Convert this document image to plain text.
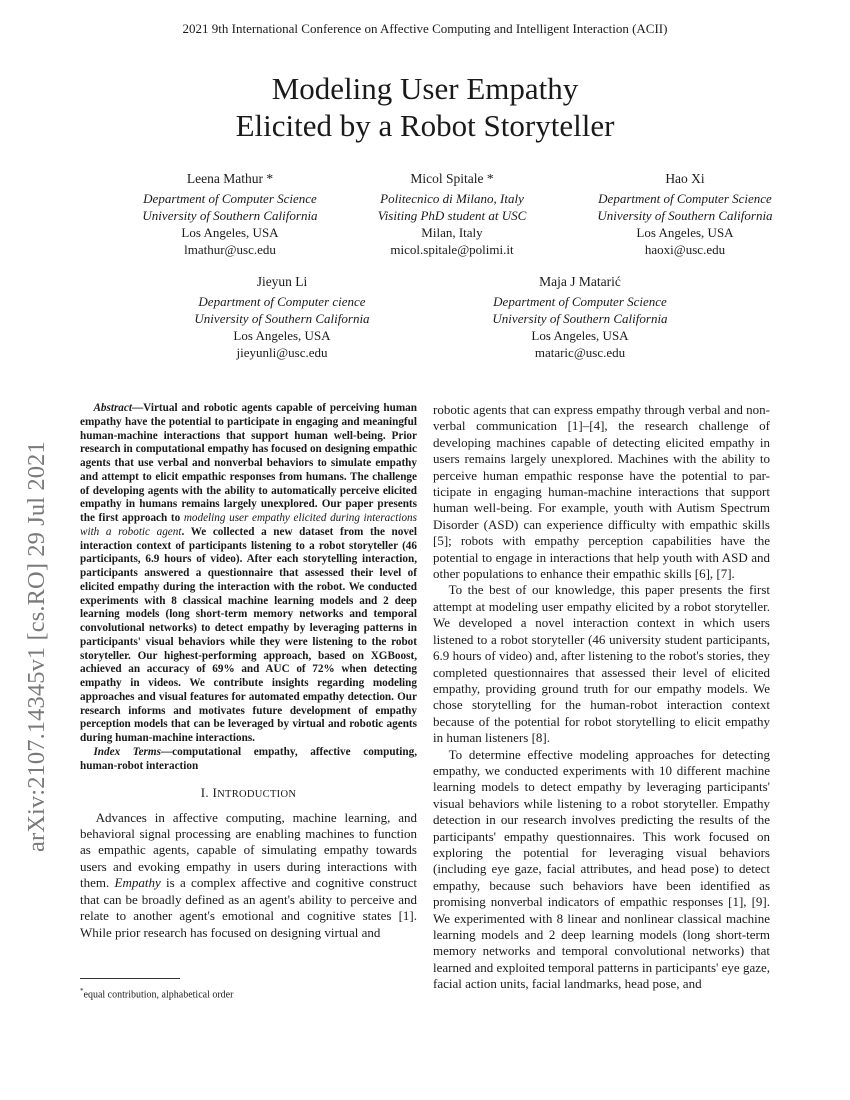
2021 9th International Conference on Affective Computing and Intelligent Interaction (ACII)
Modeling User Empathy
Elicited by a Robot Storyteller
Leena Mathur *
Department of Computer Science
University of Southern California
Los Angeles, USA
lmathur@usc.edu
Micol Spitale *
Politecnico di Milano, Italy
Visiting PhD student at USC
Milan, Italy
micol.spitale@polimi.it
Hao Xi
Department of Computer Science
University of Southern California
Los Angeles, USA
haoxi@usc.edu
Jieyun Li
Department of Computer cience
University of Southern California
Los Angeles, USA
jieyunli@usc.edu
Maja J Matarić
Department of Computer Science
University of Southern California
Los Angeles, USA
mataric@usc.edu
arXiv:2107.14345v1 [cs.RO] 29 Jul 2021

Abstract—Virtual and robotic agents capable of perceiving human empathy have the potential to participate in engaging and meaningful human-machine interactions that support human well-being. Prior research in computational empathy has focused on designing empathic agents that use verbal and nonverbal behaviors to simulate empathy and attempt to elicit empathic responses from humans. The challenge of developing agents with the ability to automatically perceive elicited empathy in humans remains largely unexplored. Our paper presents the first approach to modeling user empathy elicited during interactions with a robotic agent. We collected a new dataset from the novel interaction context of participants listening to a robot storyteller (46 participants, 6.9 hours of video). After each storytelling interaction, participants answered a questionnaire that assessed their level of elicited empathy during the interaction with the robot. We conducted experiments with 8 classical machine learning models and 2 deep learning models (long short-term memory networks and temporal convolutional networks) to detect empathy by leveraging patterns in participants' visual behaviors while they were listening to the robot storyteller. Our highest-performing approach, based on XGBoost, achieved an accuracy of 69% and AUC of 72% when detecting empathy in videos. We contribute insights regarding modeling approaches and visual features for automated empathy detection. Our research informs and motivates future development of empathy perception models that can be leveraged by virtual and robotic agents during human-machine interactions.

Index Terms—computational empathy, affective computing, human-robot interaction

I. INTRODUCTION

Advances in affective computing, machine learning, and behavioral signal processing are enabling machines to function as empathic agents, capable of simulating empathy towards users and evoking empathy in users during interactions with them. Empathy is a complex affective and cognitive construct that can be broadly defined as an agent's ability to perceive and relate to another agent's emotional and cognitive states [1]. While prior research has focused on designing virtual and

robotic agents that can express empathy through verbal and non-verbal communication [1]–[4], the research challenge of developing machines capable of detecting elicited empathy in users remains largely unexplored. Machines with the ability to perceive human empathic response have the potential to par-ticipate in engaging human-machine interactions that support human well-being. For example, youth with Autism Spectrum Disorder (ASD) can experience difficulty with empathic skills [5]; robots with empathy perception capabilities have the potential to engage in interactions that help youth with ASD and other populations to enhance their empathic skills [6], [7].

To the best of our knowledge, this paper presents the first attempt at modeling user empathy elicited by a robot storyteller. We developed a novel interaction context in which users listened to a robot storyteller (46 university student participants, 6.9 hours of video) and, after listening to the robot's stories, they completed questionnaires that assessed their level of elicited empathy, providing ground truth for our empathy models. We chose storytelling for the human-robot interaction context because of the potential for robot storytelling to elicit empathy in human listeners [8].

To determine effective modeling approaches for detecting empathy, we conducted experiments with 10 different machine learning models to detect empathy by leveraging participants' visual behaviors while listening to a robot storyteller. Empathy detection in our research involves predicting the results of the participants' empathy questionnaires. This work focused on exploring the potential for leveraging visual behaviors (including eye gaze, facial attributes, and head pose) to detect empathy, because such behaviors have been identified as promising nonverbal indicators of empathic responses [1], [9]. We experimented with 8 linear and nonlinear classical machine learning models and 2 deep learning models (long short-term memory networks and temporal convolutional networks) that learned and exploited temporal patterns in participants' eye gaze, facial action units, facial landmarks, head pose, and

*equal contribution, alphabetical order
